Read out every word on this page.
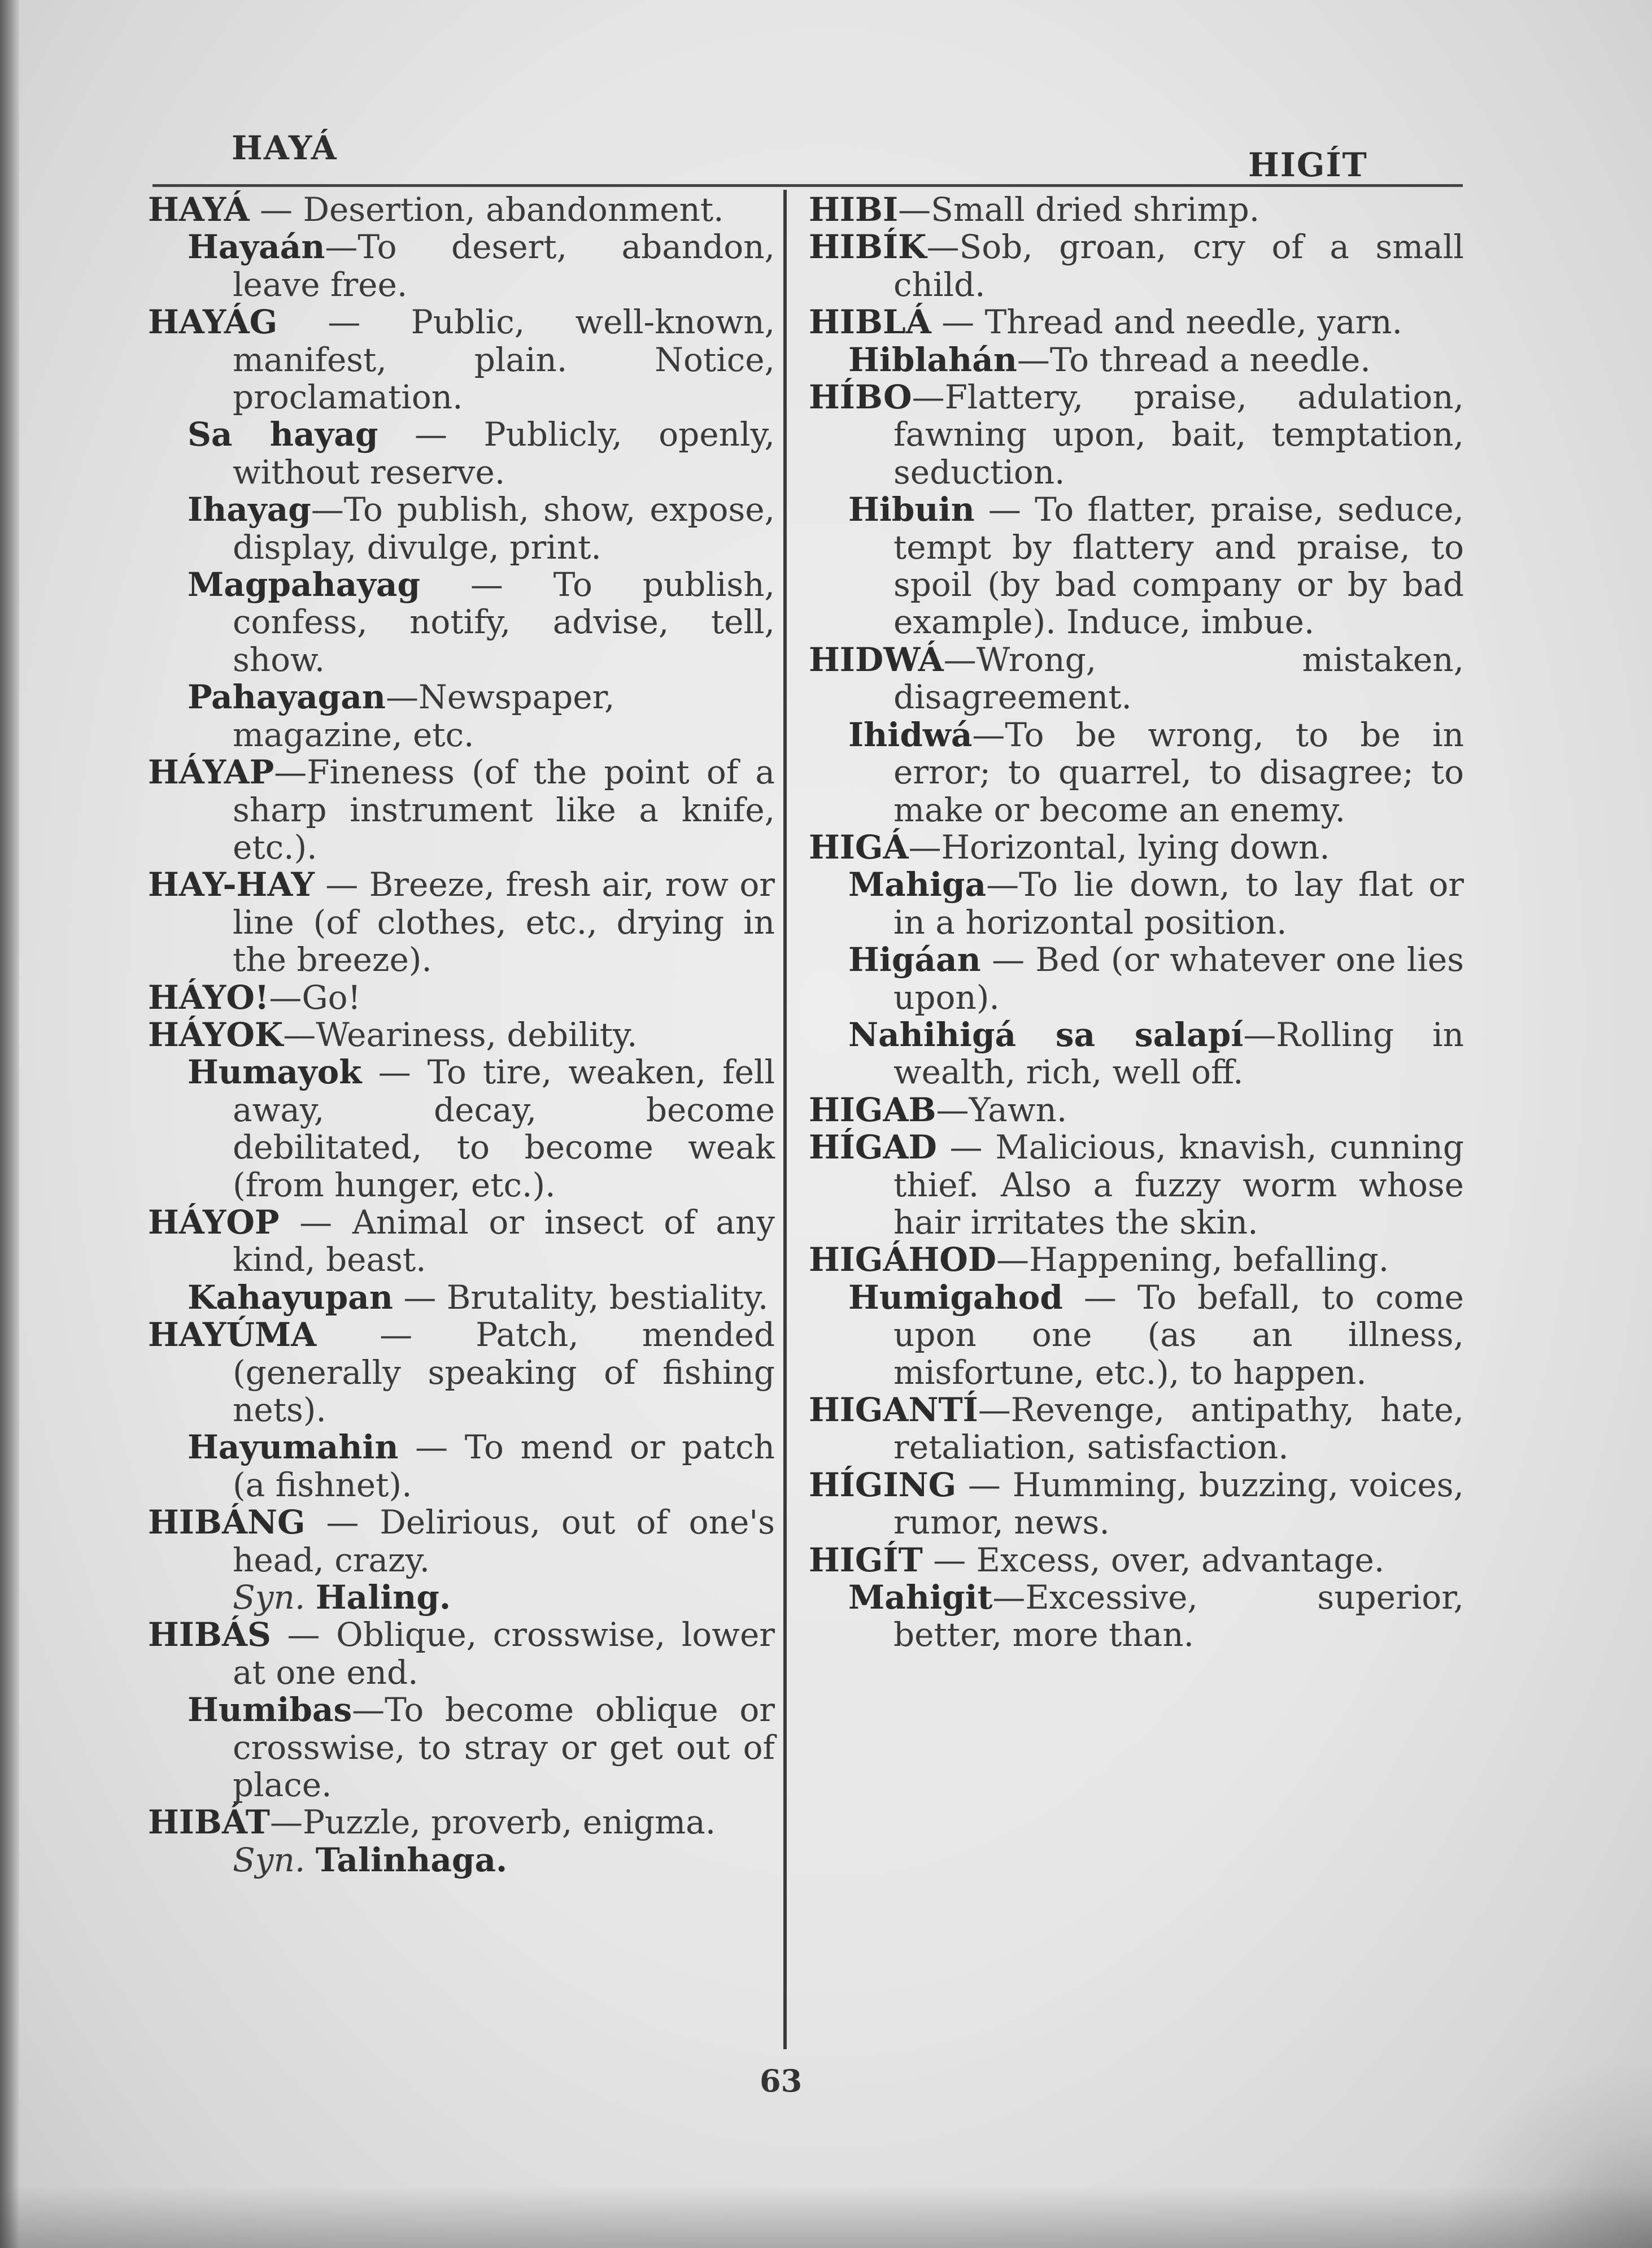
HAYÁ	HIGÍT

HAYÁ — Desertion, abandonment.

Hayaán—To desert, abandon, leave free.

HAYÁG — Public, well-known, manifest, plain. Notice, proclamation.

Sa hayag — Publicly, openly, without reserve.

Ihayag—To publish, show, expose, display, divulge, print.

Magpahayag — To publish, confess, notify, advise, tell, show.

Pahayagan—Newspaper, magazine, etc.

HÁYAP—Fineness (of the point of a sharp instrument like a knife, etc.).

HAY-HAY — Breeze, fresh air, row or line (of clothes, etc., drying in the breeze).

HÁYO!—Go!

HÁYOK—Weariness, debility.

Humayok — To tire, weaken, fell away, decay, become debilitated, to become weak (from hunger, etc.).

HÁYOP — Animal or insect of any kind, beast.

Kahayupan — Brutality, bestiality.

HAYÚMA — Patch, mended (generally speaking of fishing nets).

Hayumahin — To mend or patch (a fishnet).

HIBÁNG — Delirious, out of one's head, crazy.

Syn. Haling.

HIBÁS — Oblique, crosswise, lower at one end.

Humibas—To become oblique or crosswise, to stray or get out of place.

HIBÁT—Puzzle, proverb, enigma.

Syn. Talinhaga.

HIBI—Small dried shrimp.

HIBÍK—Sob, groan, cry of a small child.

HIBLÁ — Thread and needle, yarn.

Hiblahán—To thread a needle.

HÍBO—Flattery, praise, adulation, fawning upon, bait, temptation, seduction.

Hibuin — To flatter, praise, seduce, tempt by flattery and praise, to spoil (by bad company or by bad example). Induce, imbue.

HIDWÁ—Wrong, mistaken, disagreement.

Ihidwá—To be wrong, to be in error; to quarrel, to disagree; to make or become an enemy.

HIGÁ—Horizontal, lying down.

Mahiga—To lie down, to lay flat or in a horizontal position.

Higáan — Bed (or whatever one lies upon).

Nahihigá sa salapí—Rolling in wealth, rich, well off.

HIGAB—Yawn.

HÍGAD — Malicious, knavish, cunning thief. Also a fuzzy worm whose hair irritates the skin.

HIGÁHOD—Happening, befalling.

Humigahod — To befall, to come upon one (as an illness, misfortune, etc.), to happen.

HIGANTÍ—Revenge, antipathy, hate, retaliation, satisfaction.

HÍGING — Humming, buzzing, voices, rumor, news.

HIGÍT — Excess, over, advantage.

Mahigit—Excessive, superior, better, more than.

63
